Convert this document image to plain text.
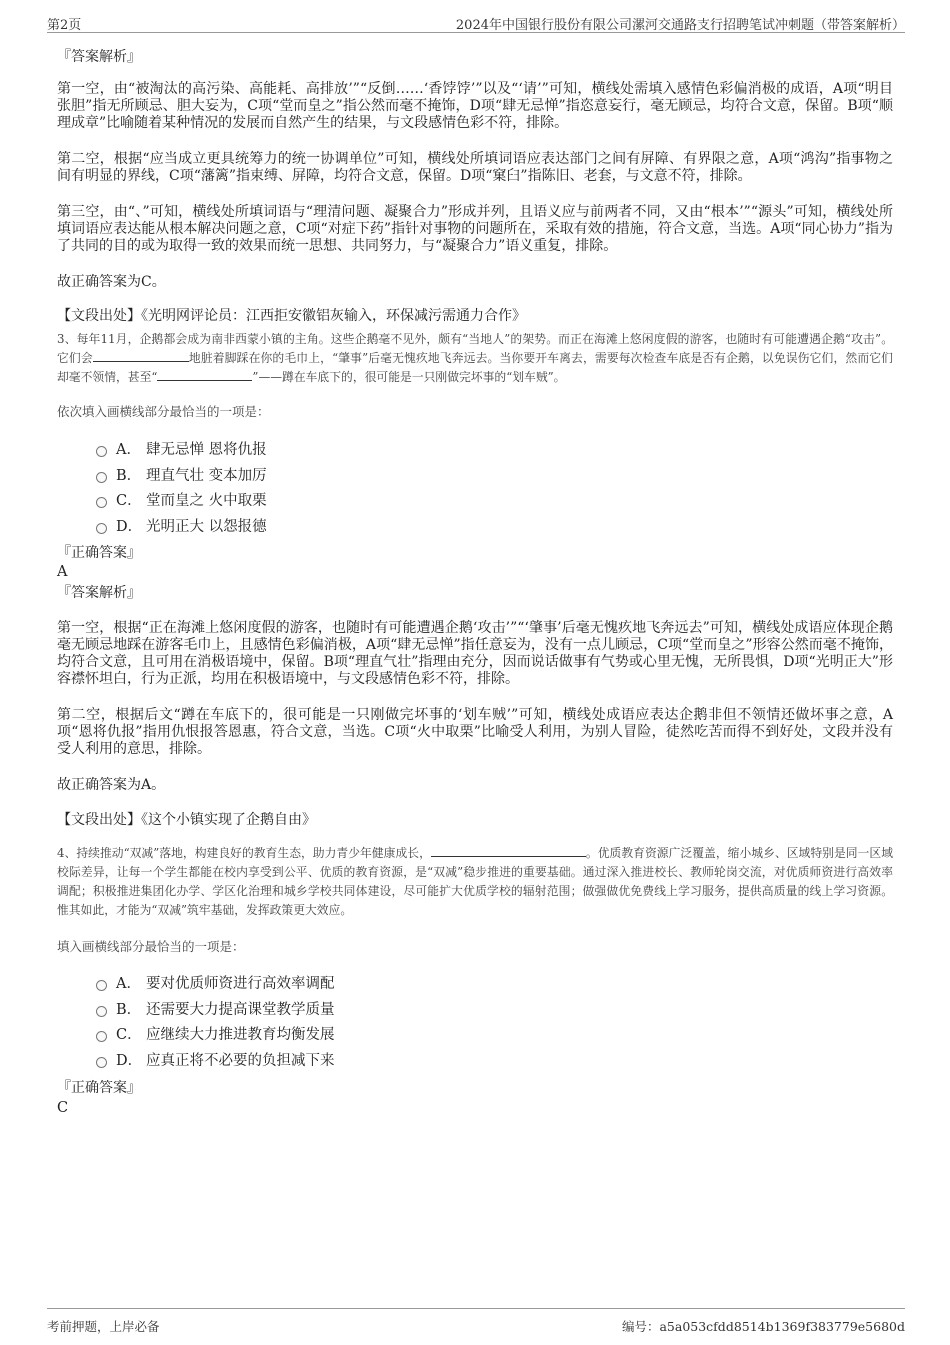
第2页	2024年中国银行股份有限公司漯河交通路支行招聘笔试冲刺题（带答案解析）
『答案解析』
第一空，由“被淘汰的高污染、高能耗、高排放’”“反倒……‘香饽饽’”以及“‘请’”可知，横线处需填入感情色彩偏消极的成语，A项“明目张胆”指无所顾忌、胆大妄为，C项“堂而皇之”指公然而毫不掩饰，D项“肆无忌惮”指恣意妄行，毫无顾忌，均符合文意，保留。B项“顺理成章”比喻随着某种情况的发展而自然产生的结果，与文段感情色彩不符，排除。
第二空，根据“应当成立更具统筹力的统一协调单位”可知，横线处所填词语应表达部门之间有屏障、有界限之意，A项“鸿沟”指事物之间有明显的界线，C项“藩篱”指束缚、屏障，均符合文意，保留。D项“窠臼”指陈旧、老套，与文意不符，排除。
第三空，由“、”可知，横线处所填词语与“理清问题、凝聚合力”形成并列，且语义应与前两者不同，又由“根本’”“源头”可知，横线处所填词语应表达能从根本解决问题之意，C项“对症下药”指针对事物的问题所在，采取有效的措施，符合文意，当选。A项“同心协力”指为了共同的目的或为取得一致的效果而统一思想、共同努力，与“凝聚合力”语义重复，排除。
故正确答案为C。
【文段出处】《光明网评论员：江西拒安徽铝灰输入，环保减污需通力合作》
3、每年11月，企鹅都会成为南非西蒙小镇的主角。这些企鹅毫不见外，颇有“当地人”的架势。而正在海滩上悠闲度假的游客，也随时有可能遭遇企鹅“攻击”。它们会	地脏着脚踩在你的毛巾上，“肇事”后毫无愧疚地飞奔远去。当你要开车离去，需要每次检查车底是否有企鹅，以免误伤它们，然而它们却毫不领情，甚至“	”——蹲在车底下的，很可能是一只刚做完坏事的“划车贼”。
依次填入画横线部分最恰当的一项是：
A． 肆无忌惮 恩将仇报
B． 理直气壮 变本加厉
C． 堂而皇之 火中取栗
D． 光明正大 以怨报德
『正确答案』
A
『答案解析』
第一空，根据“正在海滩上悠闲度假的游客，也随时有可能遭遇企鹅‘攻击’”“‘肇事’后毫无愧疚地飞奔远去”可知，横线处成语应体现企鹅毫无顾忌地踩在游客毛巾上，且感情色彩偏消极，A项“肆无忌惮”指任意妄为，没有一点儿顾忌，C项“堂而皇之”形容公然而毫不掩饰，均符合文意，且可用在消极语境中，保留。B项“理直气壮”指理由充分，因而说话做事有气势或心里无愧，无所畏惧，D项“光明正大”形容襟怀坦白，行为正派，均用在积极语境中，与文段感情色彩不符，排除。
第二空，根据后文“蹲在车底下的，很可能是一只刚做完坏事的‘划车贼’”可知，横线处成语应表达企鹅非但不领情还做坏事之意，A项“恩将仇报”指用仇恨报答恩惠，符合文意，当选。C项“火中取栗”比喻受人利用，为别人冒险，徒然吃苦而得不到好处，文段并没有受人利用的意思，排除。
故正确答案为A。
【文段出处】《这个小镇实现了企鹅自由》
4、持续推动“双减”落地，构建良好的教育生态，助力青少年健康成长，	。优质教育资源广泛覆盖，缩小城乡、区域特别是同一区域校际差异，让每一个学生都能在校内享受到公平、优质的教育资源，是“双减”稳步推进的重要基础。通过深入推进校长、教师轮岗交流，对优质师资进行高效率调配；积极推进集团化办学、学区化治理和城乡学校共同体建设，尽可能扩大优质学校的辐射范围；做强做优免费线上学习服务，提供高质量的线上学习资源。惟其如此，才能为“双减”筑牢基础，发挥政策更大效应。
填入画横线部分最恰当的一项是：
A． 要对优质师资进行高效率调配
B． 还需要大力提高课堂教学质量
C． 应继续大力推进教育均衡发展
D． 应真正将不必要的负担减下来
『正确答案』
C
考前押题，上岸必备	编号：a5a053cfdd8514b1369f383779e5680d
